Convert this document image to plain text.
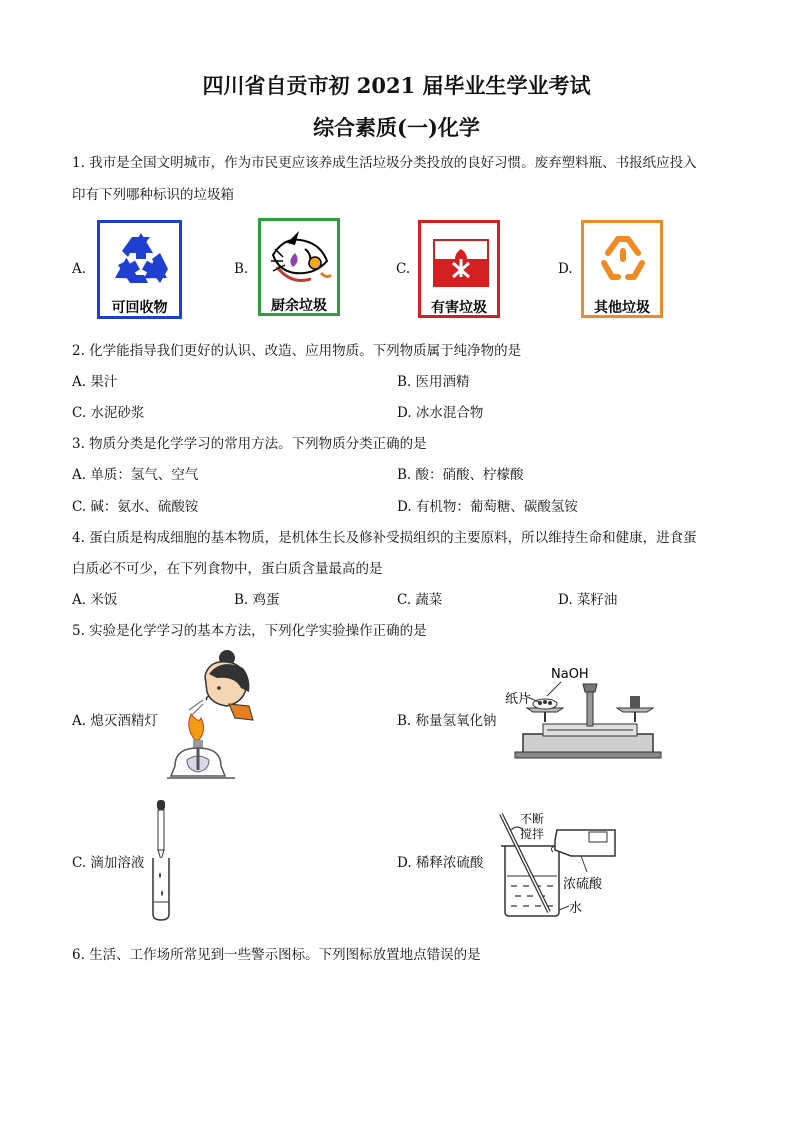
四川省自贡市初 2021 届毕业生学业考试
综合素质(一)化学
1. 我市是全国文明城市，作为市民更应该养成生活垃圾分类投放的良好习惯。废弃塑料瓶、书报纸应投入
印有下列哪种标识的垃圾箱
A.
可回收物
B.
厨余垃圾
C.
有害垃圾
D.
其他垃圾
2. 化学能指导我们更好的认识、改造、应用物质。下列物质属于纯净物的是
A. 果汁	B. 医用酒精
C. 水泥砂浆	D. 冰水混合物
3. 物质分类是化学学习的常用方法。下列物质分类正确的是
A. 单质：氢气、空气	B. 酸：硝酸、柠檬酸
C. 碱：氨水、硫酸铵	D. 有机物：葡萄糖、碳酸氢铵
4. 蛋白质是构成细胞的基本物质，是机体生长及修补受损组织的主要原料，所以维持生命和健康，进食蛋
白质必不可少，在下列食物中，蛋白质含量最高的是
A. 米饭	B. 鸡蛋	C. 蔬菜	D. 菜籽油
5. 实验是化学学习的基本方法，下列化学实验操作正确的是
A. 熄灭酒精灯	B. 称量氢氧化钠
NaOH
纸片
C. 滴加溶液	D. 稀释浓硫酸
不断
搅拌
浓硫酸
水
6. 生活、工作场所常见到一些警示图标。下列图标放置地点错误的是
